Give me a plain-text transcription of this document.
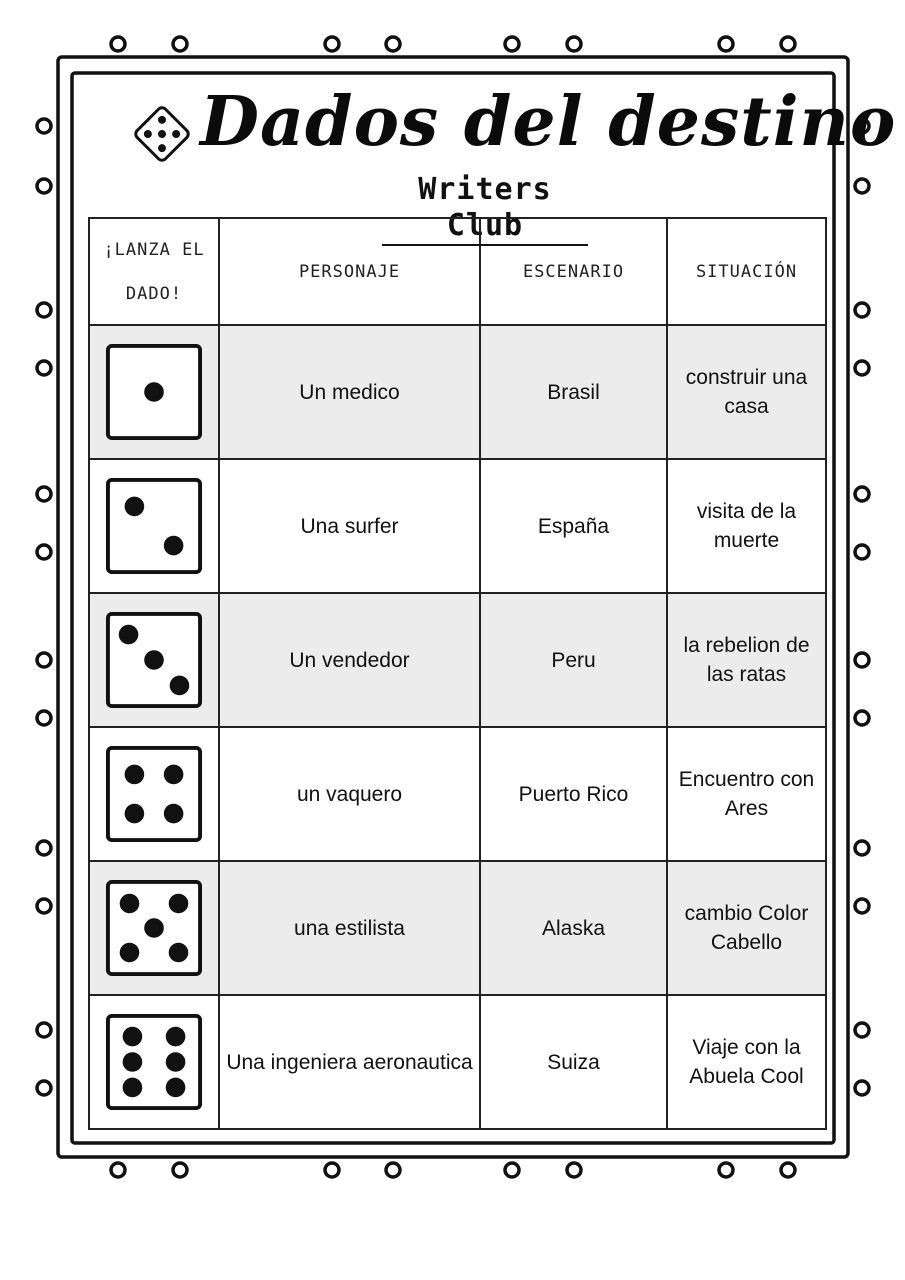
Dados del destino
Writers Club
¡LANZA EL DADO!	PERSONAJE	ESCENARIO	SITUACIÓN

	Un medico	Brasil	construir una casa

	Una surfer	España	visita de la muerte

	Un vendedor	Peru	la rebelion de las ratas

	un vaquero	Puerto Rico	Encuentro con Ares

	una estilista	Alaska	cambio Color Cabello

	Una ingeniera aeronautica	Suiza	Viaje con la Abuela Cool
